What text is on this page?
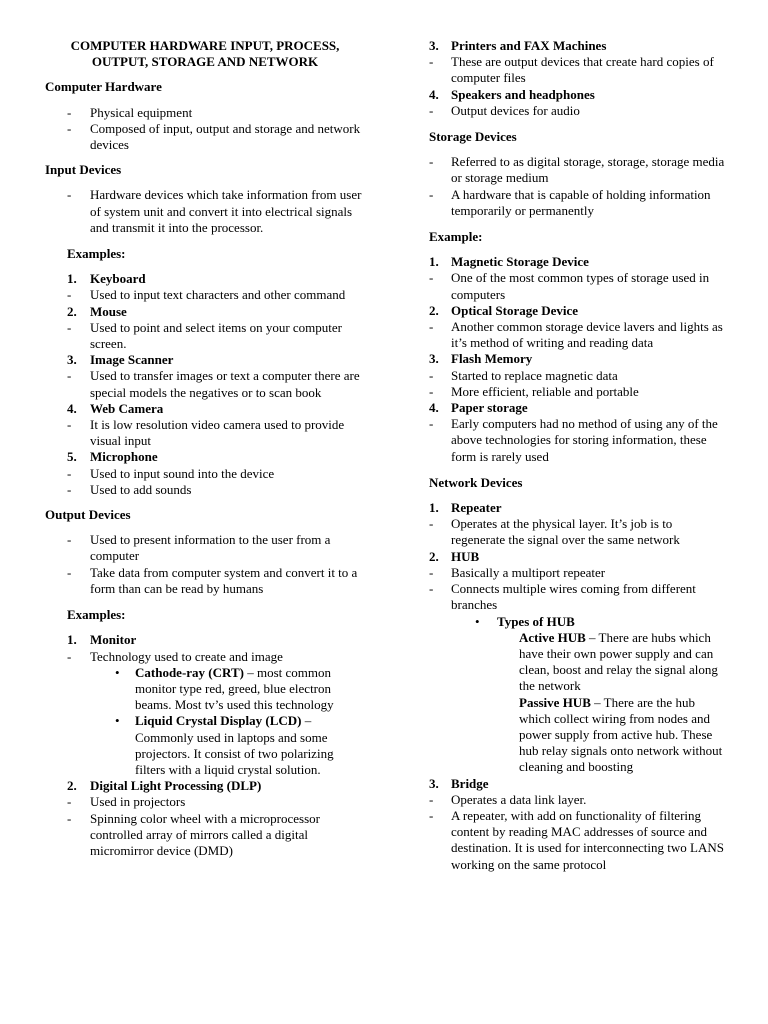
COMPUTER HARDWARE INPUT, PROCESS, OUTPUT, STORAGE AND NETWORK
Computer Hardware
- Physical equipment
- Composed of input, output and storage and network devices
Input Devices
- Hardware devices which take information from user of system unit and convert it into electrical signals and transmit it into the processor.
Examples:
1. Keyboard
- Used to input text characters and other command
2. Mouse
- Used to point and select items on your computer screen.
3. Image Scanner
- Used to transfer images or text a computer there are special models the negatives or to scan book
4. Web Camera
- It is low resolution video camera used to provide visual input
5. Microphone
- Used to input sound into the device
- Used to add sounds
Output Devices
- Used to present information to the user from a computer
- Take data from computer system and convert it to a form than can be read by humans
Examples:
1. Monitor
- Technology used to create and image
• Cathode-ray (CRT) – most common monitor type red, greed, blue electron beams. Most tv’s used this technology
• Liquid Crystal Display (LCD) – Commonly used in laptops and some projectors. It consist of two polarizing filters with a liquid crystal solution.
2. Digital Light Processing (DLP)
- Used in projectors
- Spinning color wheel with a microprocessor controlled array of mirrors called a digital micromirror device (DMD)
3. Printers and FAX Machines
- These are output devices that create hard copies of computer files
4. Speakers and headphones
- Output devices for audio
Storage Devices
- Referred to as digital storage, storage, storage media or storage medium
- A hardware that is capable of holding information temporarily or permanently
Example:
1. Magnetic Storage Device
- One of the most common types of storage used in computers
2. Optical Storage Device
- Another common storage device lavers and lights as it’s method of writing and reading data
3. Flash Memory
- Started to replace magnetic data
- More efficient, reliable and portable
4. Paper storage
- Early computers had no method of using any of the above technologies for storing information, these form is rarely used
Network Devices
1. Repeater
- Operates at the physical layer. It’s job is to regenerate the signal over the same network
2. HUB
- Basically a multiport repeater
- Connects multiple wires coming from different branches
• Types of HUB
Active HUB – There are hubs which have their own power supply and can clean, boost and relay the signal along the network
Passive HUB – There are the hub which collect wiring from nodes and power supply from active hub. These hub relay signals onto network without cleaning and boosting
3. Bridge
- Operates a data link layer.
- A repeater, with add on functionality of filtering content by reading MAC addresses of source and destination. It is used for interconnecting two LANS working on the same protocol
